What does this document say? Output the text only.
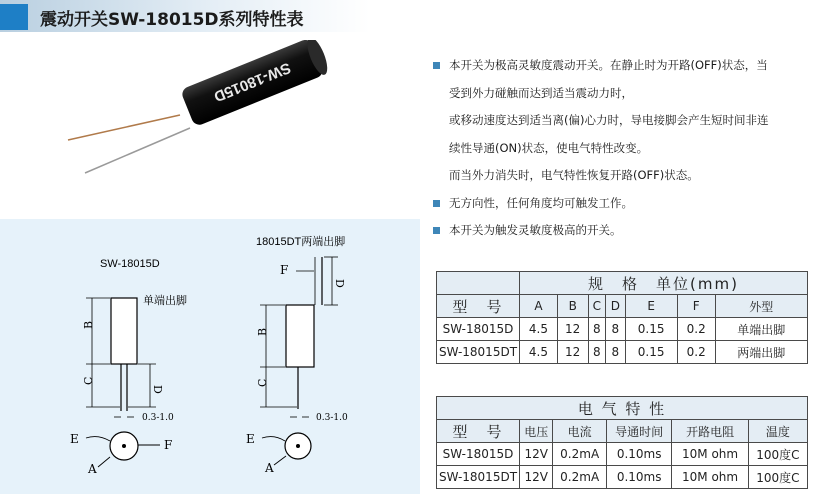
震动开关SW-18015D系列特性表
SW-18015D	本开关为极高灵敏度震动开关。在静止时为开路(OFF)状态，当
受到外力碰触而达到适当震动力时，
或移动速度达到适当离(偏)心力时，导电接脚会产生短时间非连
续性导通(ON)状态，使电气特性改变。
而当外力消失时，电气特性恢复开路(OFF)状态。
无方向性，任何角度均可触发工作。
本开关为触发灵敏度极高的开关。
SW-18015D
单端出脚
B
C
D
0.3-1.0
E	F
A
18015DT两端出脚
D
F
B
C
0.3-1.0
E
A
	规　格　单位(mm)						
型　号	A	B	C	D	E	F	外型
SW-18015D	4.5	12	8	8	0.15	0.2	单端出脚
SW-18015DT	4.5	12	8	8	0.15	0.2	两端出脚
电 气 特 性					
型　号	电压	电流	导通时间	开路电阻	温度
SW-18015D	12V	0.2mA	0.10ms	10M ohm	100度C
SW-18015DT	12V	0.2mA	0.10ms	10M ohm	100度C
